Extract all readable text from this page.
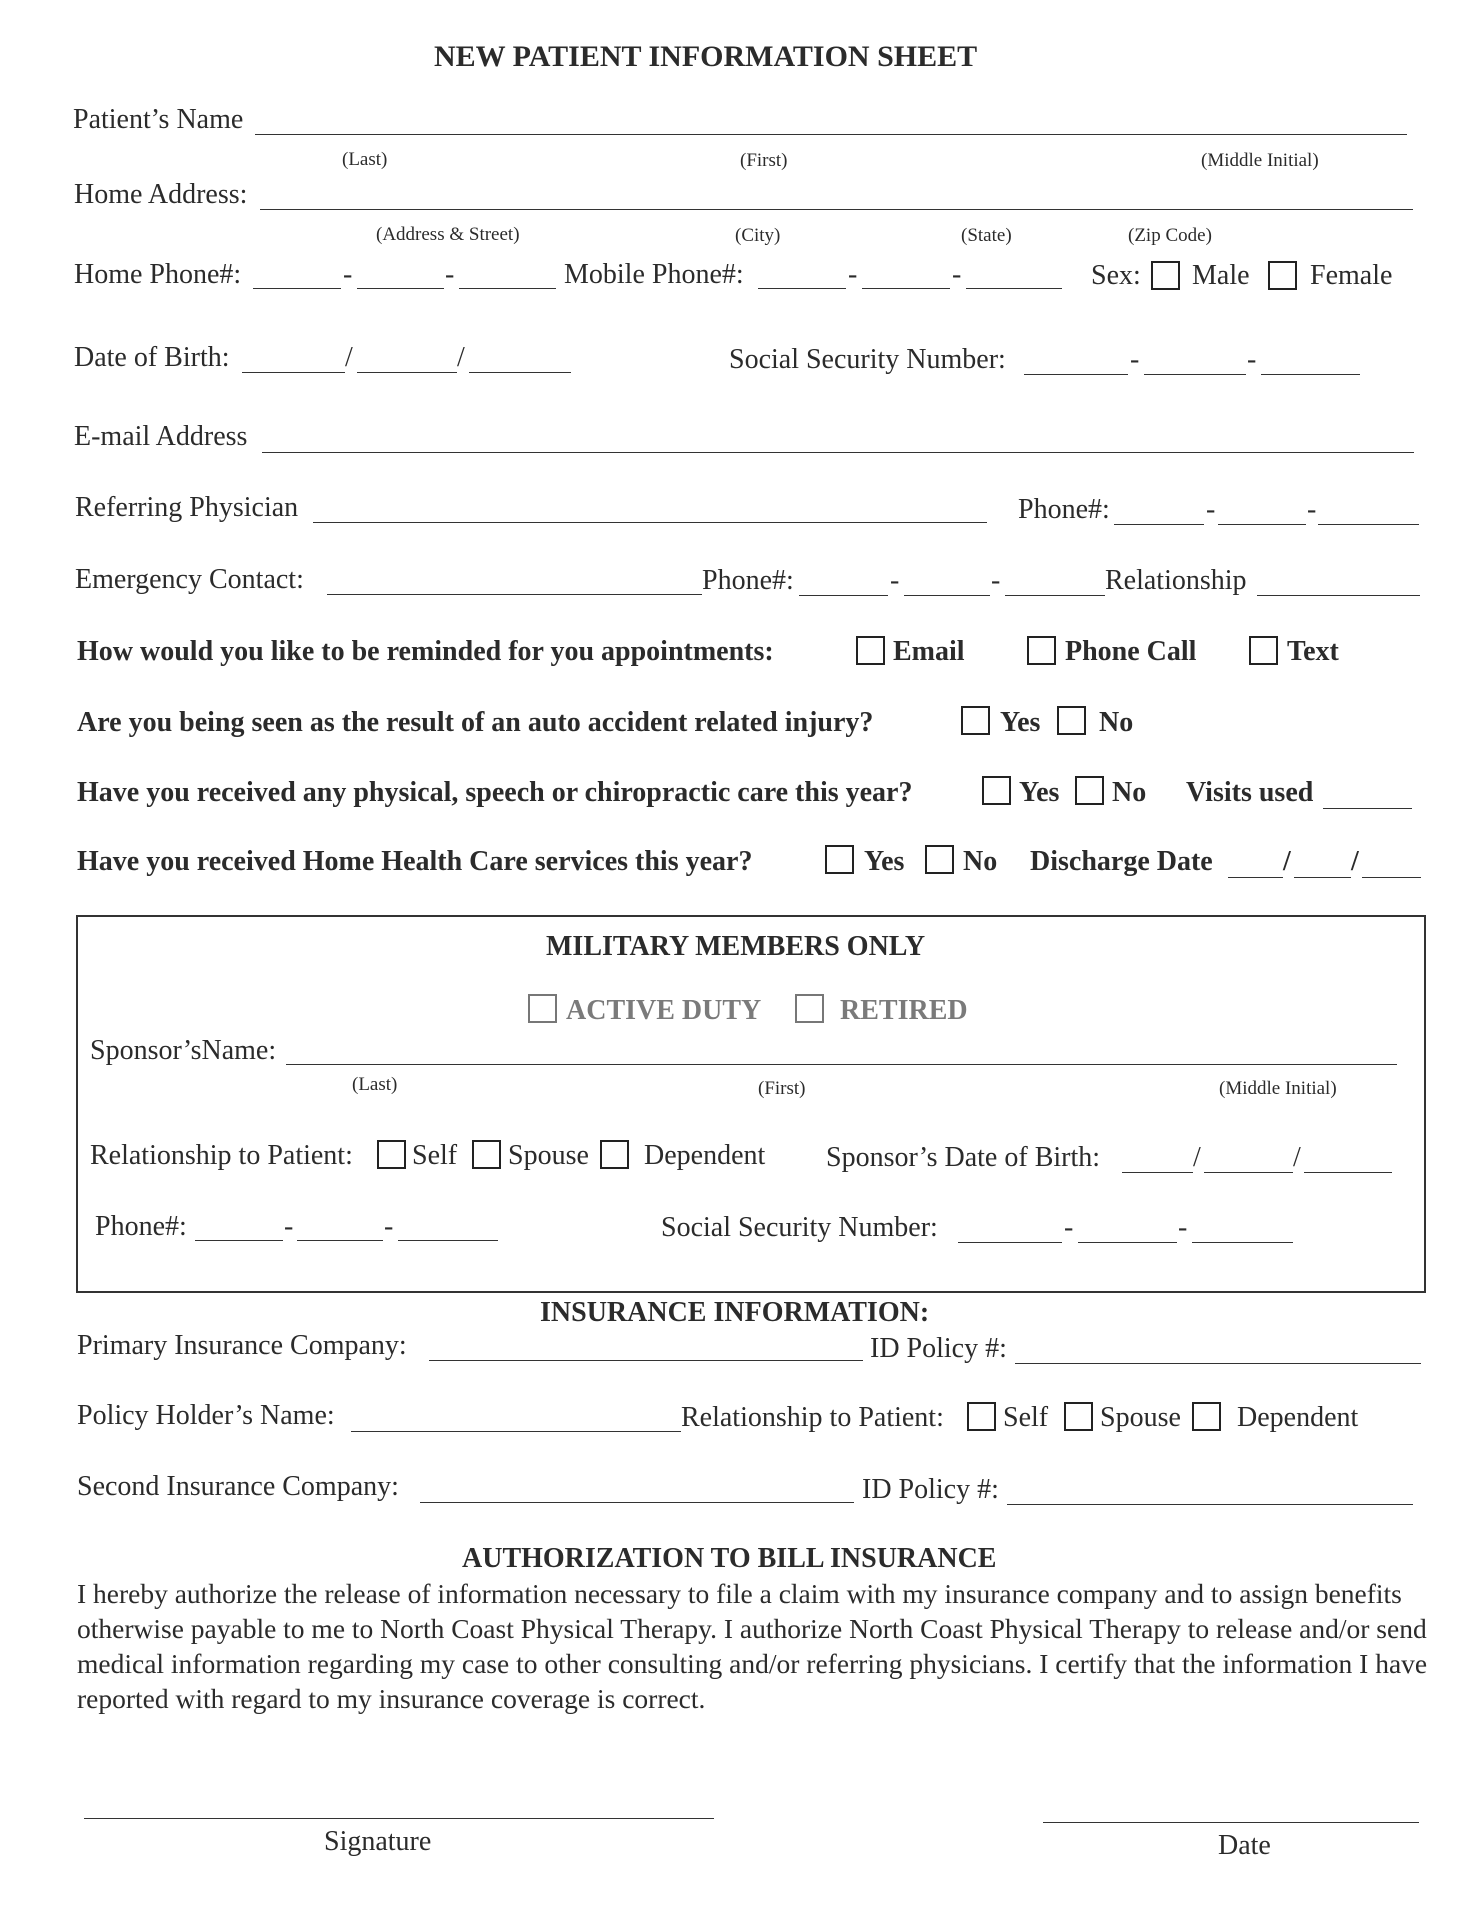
NEW PATIENT INFORMATION SHEET
Patient’s Name
(Last)	(First)	(Middle Initial)
Home Address:
(Address & Street)	(City)	(State)	(Zip Code)
Home Phone#:	-	-	Mobile Phone#:	-	-	Sex: Male Female
Date of Birth:	/	/	Social Security Number:	-	-
E-mail Address
Referring Physician	Phone#:	-	-
Emergency Contact:	Phone#:	-	-	Relationship
How would you like to be reminded for you appointments:	Email	Phone Call	Text
Are you being seen as the result of an auto accident related injury?	Yes No
Have you received any physical, speech or chiropractic care this year?	Yes No Visits used
Have you received Home Health Care services this year?	Yes No Discharge Date	/ /
MILITARY MEMBERS ONLY
ACTIVE DUTY	RETIRED
Sponsor’sName:
(Last)	(First)	(Middle Initial)
Relationship to Patient: Self Spouse Dependent Sponsor’s Date of Birth:	/	/
Phone#:	-	-	Social Security Number:	-	-
INSURANCE INFORMATION:
Primary Insurance Company:	ID Policy #:
Policy Holder’s Name:	Relationship to Patient: Self Spouse Dependent
Second Insurance Company:	ID Policy #:
AUTHORIZATION TO BILL INSURANCE
I hereby authorize the release of information necessary to file a claim with my insurance company and to assign benefits otherwise payable to me to North Coast Physical Therapy. I authorize North Coast Physical Therapy to release and/or send medical information regarding my case to other consulting and/or referring physicians. I certify that the information I have reported with regard to my insurance coverage is correct.
Signature	Date
